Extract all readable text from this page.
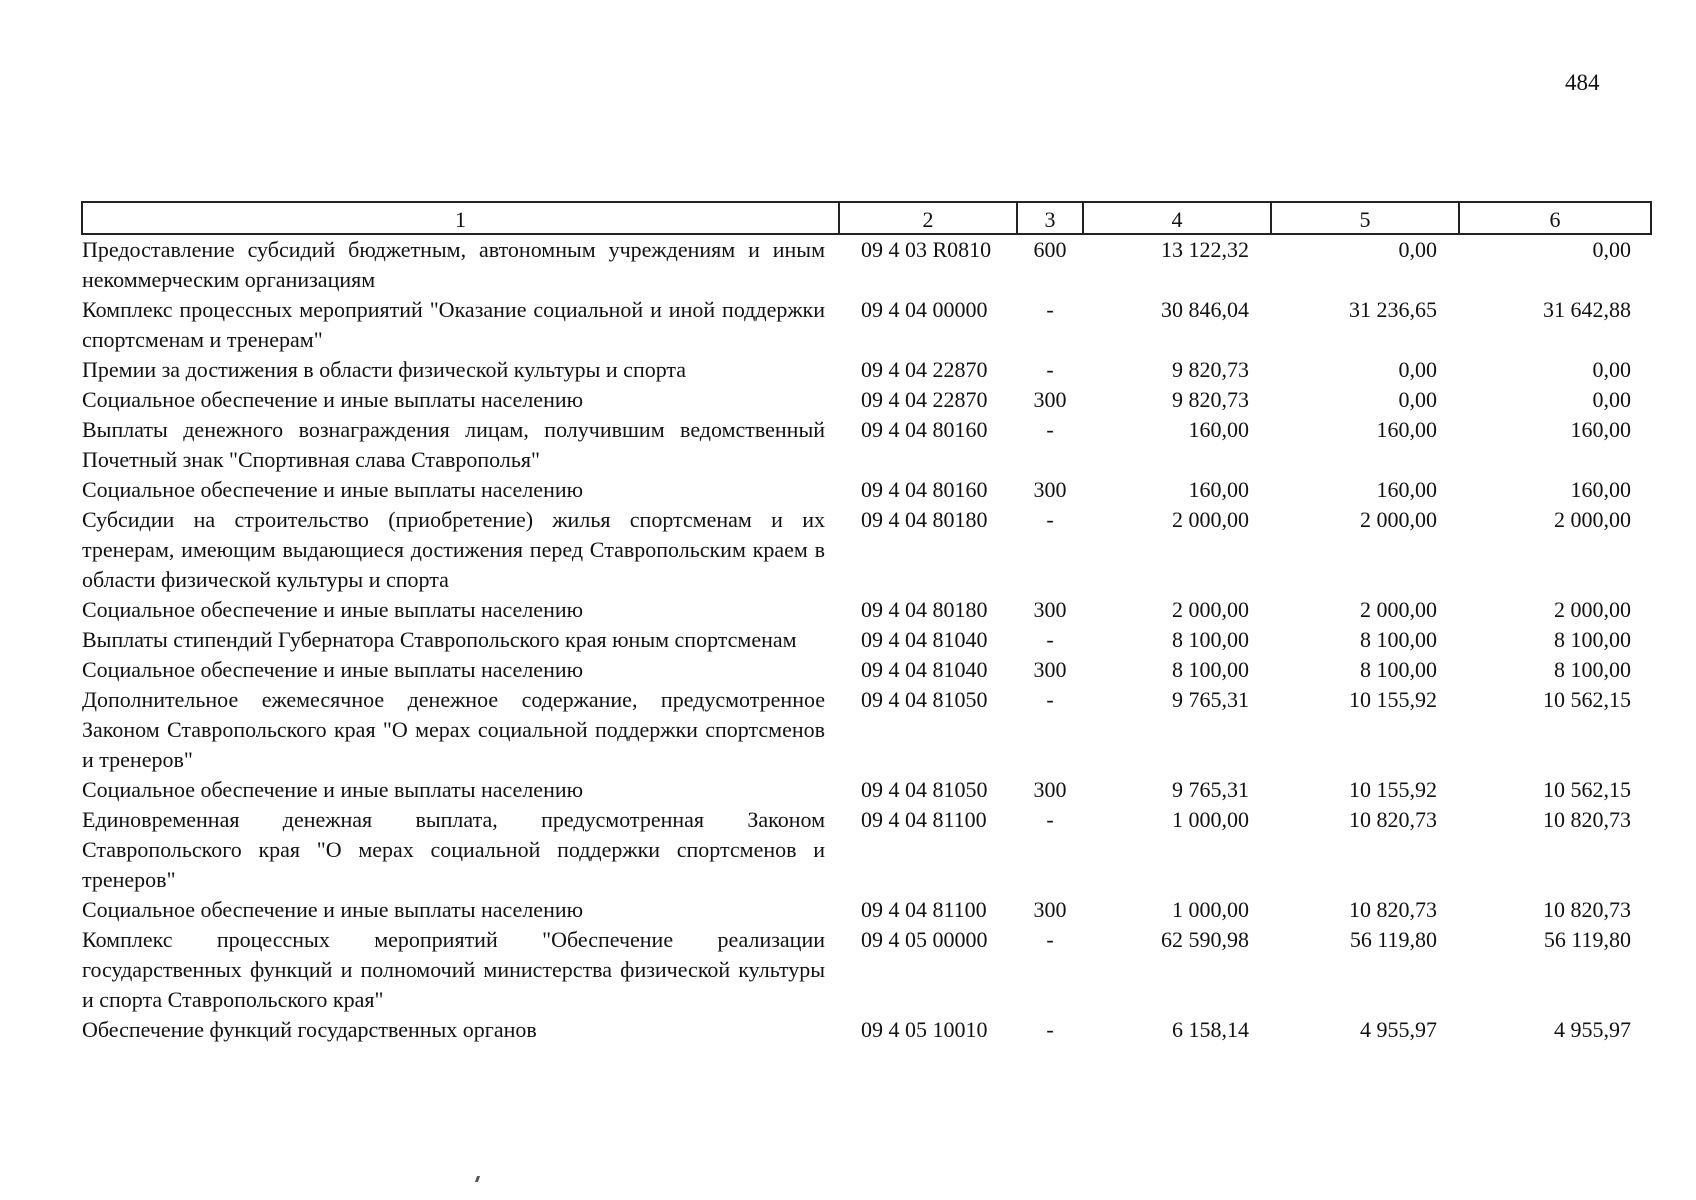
484
1	2	3	4	5	6
Предоставление субсидий бюджетным, автономным учреждениям и иным некоммерческим организациям	09 4 03 R0810	600	13 122,32	0,00	0,00
Комплекс процессных мероприятий "Оказание социальной и иной поддержки спортсменам и тренерам"	09 4 04 00000	-	30 846,04	31 236,65	31 642,88
Премии за достижения в области физической культуры и спорта	09 4 04 22870	-	9 820,73	0,00	0,00
Социальное обеспечение и иные выплаты населению	09 4 04 22870	300	9 820,73	0,00	0,00
Выплаты денежного вознаграждения лицам, получившим ведомственный Почетный знак "Спортивная слава Ставрополья"	09 4 04 80160	-	160,00	160,00	160,00
Социальное обеспечение и иные выплаты населению	09 4 04 80160	300	160,00	160,00	160,00
Субсидии на строительство (приобретение) жилья спортсменам и их тренерам, имеющим выдающиеся достижения перед Ставропольским краем в области физической культуры и спорта	09 4 04 80180	-	2 000,00	2 000,00	2 000,00
Социальное обеспечение и иные выплаты населению	09 4 04 80180	300	2 000,00	2 000,00	2 000,00
Выплаты стипендий Губернатора Ставропольского края юным спортсменам	09 4 04 81040	-	8 100,00	8 100,00	8 100,00
Социальное обеспечение и иные выплаты населению	09 4 04 81040	300	8 100,00	8 100,00	8 100,00
Дополнительное ежемесячное денежное содержание, предусмотренное Законом Ставропольского края "О мерах социальной поддержки спортсменов и тренеров"	09 4 04 81050	-	9 765,31	10 155,92	10 562,15
Социальное обеспечение и иные выплаты населению	09 4 04 81050	300	9 765,31	10 155,92	10 562,15
Единовременная денежная выплата, предусмотренная Законом Ставропольского края "О мерах социальной поддержки спортсменов и тренеров"	09 4 04 81100	-	1 000,00	10 820,73	10 820,73
Социальное обеспечение и иные выплаты населению	09 4 04 81100	300	1 000,00	10 820,73	10 820,73
Комплекс процессных мероприятий "Обеспечение реализации государственных функций и полномочий министерства физической культуры и спорта Ставропольского края"	09 4 05 00000	-	62 590,98	56 119,80	56 119,80
Обеспечение функций государственных органов	09 4 05 10010	-	6 158,14	4 955,97	4 955,97
